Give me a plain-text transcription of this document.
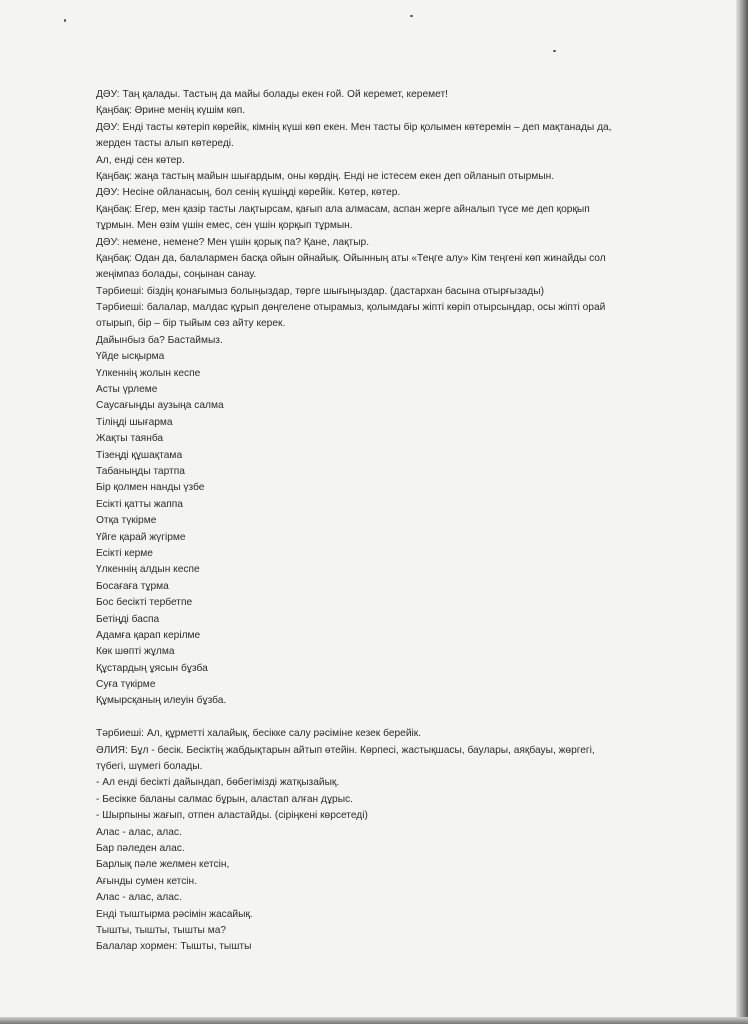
ДӘУ: Таң қалады. Тастың да майы болады екен ғой. Ой керемет, керемет!
Қаңбақ: Әрине менің күшім көп.
ДӘУ: Енді тасты көтеріп көрейік, кімнің күші көп екен. Мен тасты бір қолымен көтеремін – деп мақтанады да,
жерден тасты алып көтереді.
Ал, енді сен көтер.
Қаңбақ: жаңа тастың майын шығардым, оны көрдің. Енді не істесем екен деп ойланып отырмын.
ДӘУ: Несіне ойланасың, бол сенің күшіңді көрейік. Көтер, көтер.
Қаңбақ: Егер, мен қазір тасты лақтырсам, қағып ала алмасам, аспан жерге айналып түсе ме деп қорқып
тұрмын. Мен өзім үшін емес, сен үшін қорқып тұрмын.
ДӘУ: немене, немене? Мен үшін қорық па? Қане, лақтыр.
Қаңбақ: Одан да, балалармен басқа ойын ойнайық. Ойынның аты «Теңге алу» Кім теңгені көп жинайды сол
жеңімпаз болады, соңынан санау.
Тәрбиеші: біздің қонағымыз болыңыздар, төрге шығыңыздар. (дастархан басына отырғызады)
Тәрбиеші: балалар, малдас құрып дөңгелене отырамыз, қолымдағы жіпті көріп отырсыңдар, осы жіпті орай
отырып, бір – бір тыйым сөз айту керек.
Дайынбыз ба? Бастаймыз.
Үйде ысқырма
Үлкеннің жолын кеспе
Асты үрлеме
Саусағыңды аузыңа салма
Тіліңді шығарма
Жақты таянба
Тізеңді құшақтама
Табаныңды тартпа
Бір қолмен нанды үзбе
Есікті қатты жаппа
Отқа түкірме
Үйге қарай жүгірме
Есікті керме
Үлкеннің алдын кеспе
Босағаға тұрма
Бос бесікті тербетпе
Бетіңді баспа
Адамға қарап керілме
Көк шөпті жұлма
Құстардың ұясын бұзба
Суға түкірме
Құмырсқаның илеуін бұзба.
Тәрбиеші: Ал, құрметті халайық, бесікке салу рәсіміне кезек берейік.
ӘЛИЯ: Бұл - бесік. Бесіктің жабдықтарын айтып өтейін. Көрпесі, жастықшасы, баулары, аяқбауы, жөргегі,
түбегі, шүмегі болады.
- Ал енді бесікті дайындап, бөбегімізді жатқызайық.
- Бесікке баланы салмас бұрын, аластап алған дұрыс.
- Шырпыны жағып, отпен аластайды. (сіріңкені көрсетеді)
Алас - алас, алас.
Бар пәледен алас.
Барлық пәле желмен кетсін,
Ағынды сумен кетсін.
Алас - алас, алас.
Енді тыштырма рәсімін жасайық.
Тышты, тышты, тышты ма?
Балалар хормен: Тышты, тышты
